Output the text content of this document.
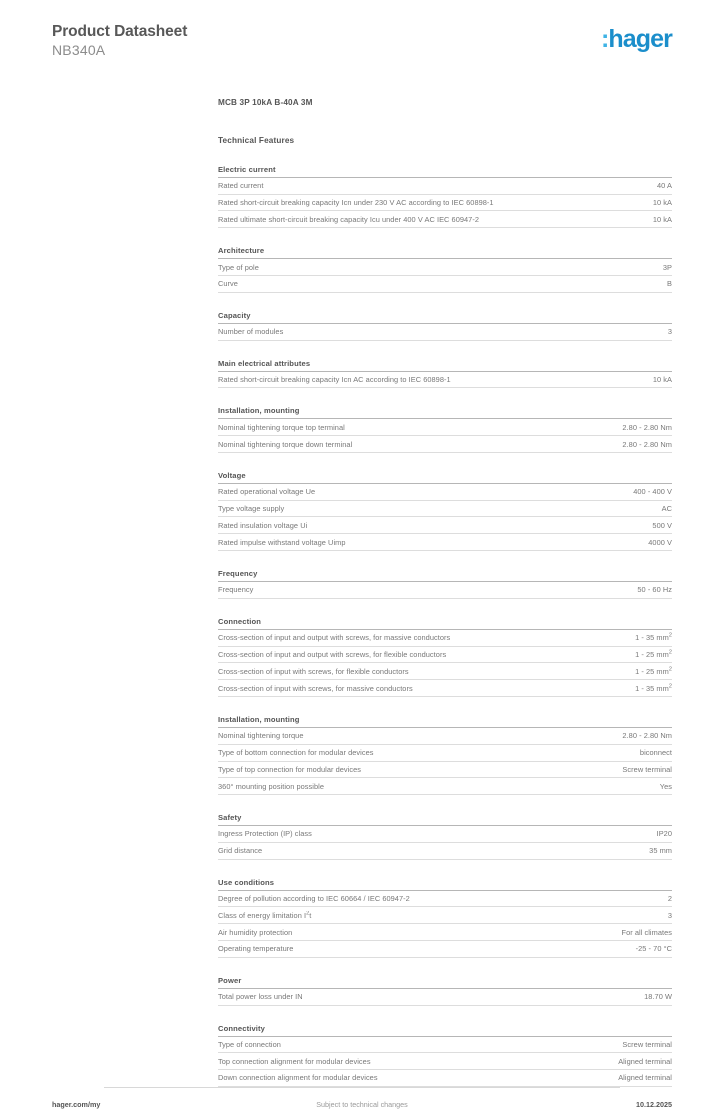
Product Datasheet
NB340A	:hager
MCB 3P 10kA B-40A 3M
Technical Features
Electric current
Rated current	40 A
Rated short-circuit breaking capacity Icn under 230 V AC according to IEC 60898-1	10 kA
Rated ultimate short-circuit breaking capacity Icu under 400 V AC IEC 60947-2	10 kA
Architecture
Type of pole	3P
Curve	B
Capacity
Number of modules	3
Main electrical attributes
Rated short-circuit breaking capacity Icn AC according to IEC 60898-1	10 kA
Installation, mounting
Nominal tightening torque top terminal	2.80 - 2.80 Nm
Nominal tightening torque down terminal	2.80 - 2.80 Nm
Voltage
Rated operational voltage Ue	400 - 400 V
Type voltage supply	AC
Rated insulation voltage Ui	500 V
Rated impulse withstand voltage Uimp	4000 V
Frequency
Frequency	50 - 60 Hz
Connection
Cross-section of input and output with screws, for massive conductors	1 - 35 $mm^2$
Cross-section of input and output with screws, for flexible conductors	1 - 25 $mm^2$
Cross-section of input with screws, for flexible conductors	1 - 25 $mm^2$
Cross-section of input with screws, for massive conductors	1 - 35 $mm^2$
Installation, mounting
Nominal tightening torque	2.80 - 2.80 Nm
Type of bottom connection for modular devices	biconnect
Type of top connection for modular devices	Screw terminal
360° mounting position possible	Yes
Safety
Ingress Protection (IP) class	IP20
Grid distance	35 mm
Use conditions
Degree of pollution according to IEC 60664 / IEC 60947-2	2
Class of energy limitation $I^2t$	3
Air humidity protection	For all climates
Operating temperature	-25 - 70 °C
Power
Total power loss under IN	18.70 W
Connectivity
Type of connection	Screw terminal
Top connection alignment for modular devices	Aligned terminal
Down connection alignment for modular devices	Aligned terminal
hager.com/my	Subject to technical changes	10.12.2025
